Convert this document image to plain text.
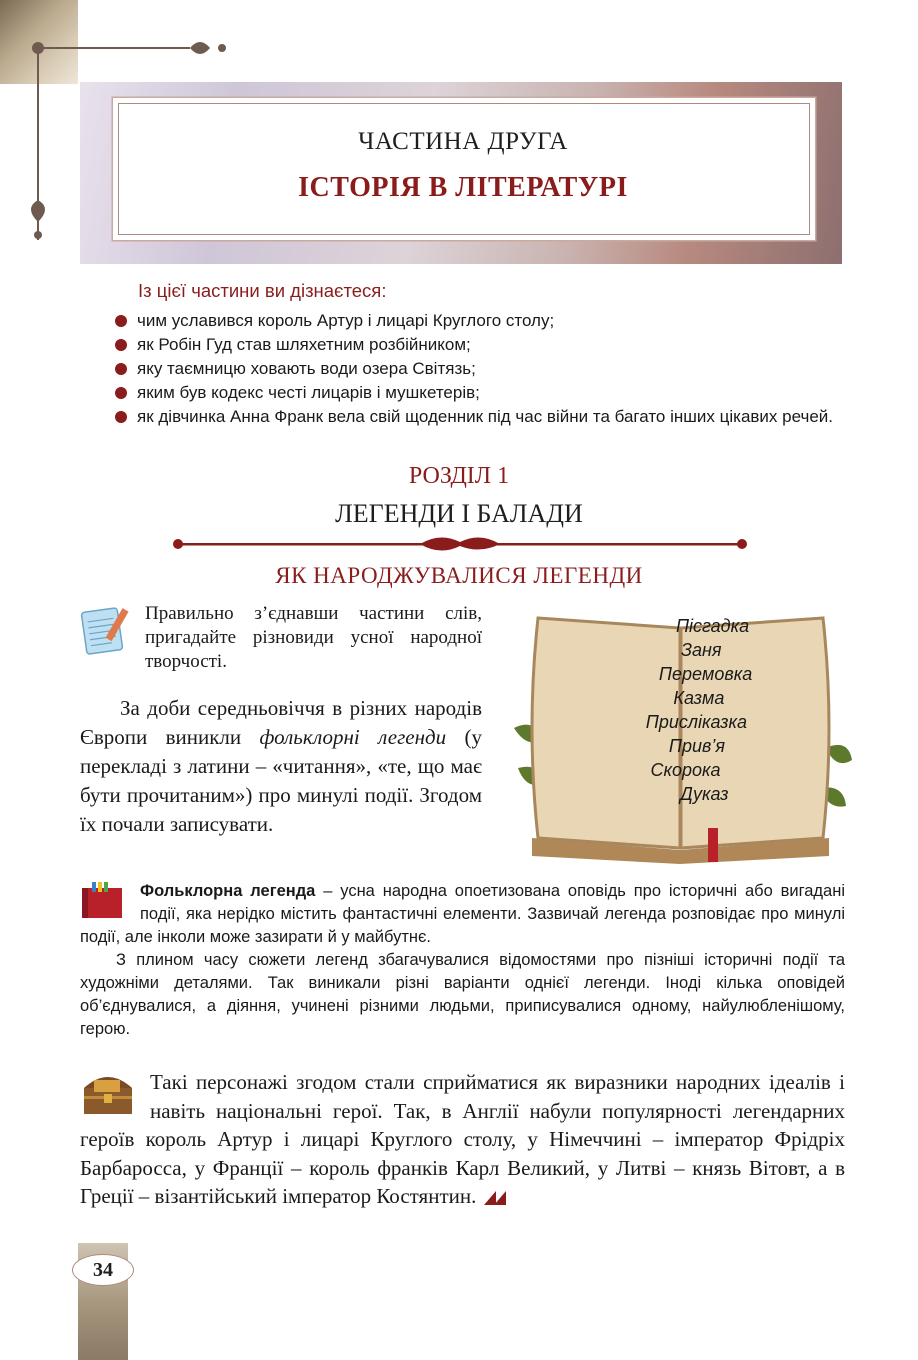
ЧАСТИНА ДРУГА
ІСТОРІЯ В ЛІТЕРАТУРІ
Із цієї частини ви дізнаєтеся:
чим уславився король Артур і лицарі Круглого столу;
як Робін Гуд став шляхетним розбійником;
яку таємницю ховають води озера Світязь;
яким був кодекс честі лицарів і мушкетерів;
як дівчинка Анна Франк вела свій щоденник під час війни та багато інших цікавих речей.
РОЗДІЛ 1
ЛЕГЕНДИ І БАЛАДИ
ЯК НАРОДЖУВАЛИСЯ ЛЕГЕНДИ
Правильно з’єднавши частини слів, пригадайте різновиди усної народної творчості.

За доби середньовіччя в різних народів Європи виникли фольклорні легенди (у перекладі з латини – «читання», «те, що має бути прочитаним») про минулі події. Згодом їх почали записувати.

Піс
За
Пере
Каз
Прислі
При
Скоро
Ду
гадка
ня
мовка
ма
казка
в’я
ка
каз

Фольклорна легенда – усна народна опоетизована оповідь про історичні або вигадані події, яка нерідко містить фантастичні елементи. Зазвичай легенда розповідає про минулі події, але інколи може зазирати й у майбутнє.

З плином часу сюжети легенд збагачувалися відомостями про пізніші історичні події та художніми деталями. Так виникали різні варіанти однієї легенди. Іноді кілька оповідей об’єднувалися, а діяння, учинені різними людьми, приписувалися одному, найулюбленішому, герою.

Такі персонажі згодом стали сприйматися як виразники народних ідеалів і навіть національні герої. Так, в Англії набули популярності легендарних героїв король Артур і лицарі Круглого столу, у Німеччині – імператор Фрідріх Барбаросса, у Франції – король франків Карл Великий, у Литві – князь Вітовт, а в Греції – візантійський імператор Костянтин.
34
